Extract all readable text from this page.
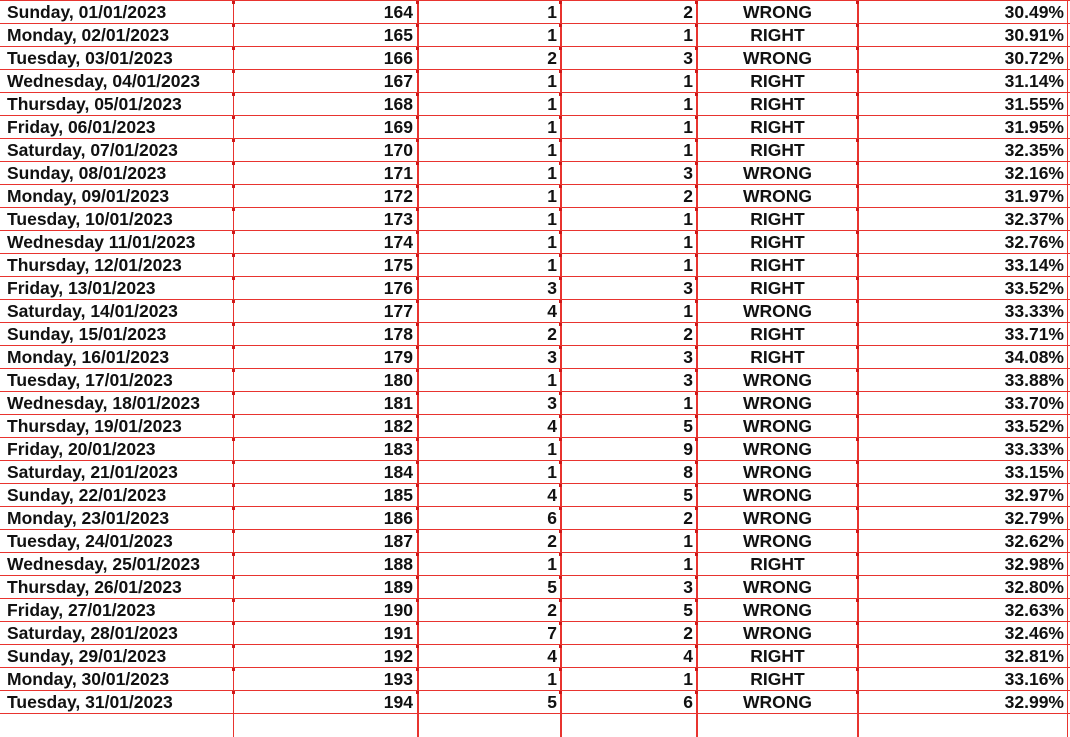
Sunday, 01/01/2023	164	1	2	WRONG	30.49%
Monday, 02/01/2023	165	1	1	RIGHT	30.91%
Tuesday, 03/01/2023	166	2	3	WRONG	30.72%
Wednesday, 04/01/2023	167	1	1	RIGHT	31.14%
Thursday, 05/01/2023	168	1	1	RIGHT	31.55%
Friday, 06/01/2023	169	1	1	RIGHT	31.95%
Saturday, 07/01/2023	170	1	1	RIGHT	32.35%
Sunday, 08/01/2023	171	1	3	WRONG	32.16%
Monday, 09/01/2023	172	1	2	WRONG	31.97%
Tuesday, 10/01/2023	173	1	1	RIGHT	32.37%
Wednesday 11/01/2023	174	1	1	RIGHT	32.76%
Thursday, 12/01/2023	175	1	1	RIGHT	33.14%
Friday, 13/01/2023	176	3	3	RIGHT	33.52%
Saturday, 14/01/2023	177	4	1	WRONG	33.33%
Sunday, 15/01/2023	178	2	2	RIGHT	33.71%
Monday, 16/01/2023	179	3	3	RIGHT	34.08%
Tuesday, 17/01/2023	180	1	3	WRONG	33.88%
Wednesday, 18/01/2023	181	3	1	WRONG	33.70%
Thursday, 19/01/2023	182	4	5	WRONG	33.52%
Friday, 20/01/2023	183	1	9	WRONG	33.33%
Saturday, 21/01/2023	184	1	8	WRONG	33.15%
Sunday, 22/01/2023	185	4	5	WRONG	32.97%
Monday, 23/01/2023	186	6	2	WRONG	32.79%
Tuesday, 24/01/2023	187	2	1	WRONG	32.62%
Wednesday, 25/01/2023	188	1	1	RIGHT	32.98%
Thursday, 26/01/2023	189	5	3	WRONG	32.80%
Friday, 27/01/2023	190	2	5	WRONG	32.63%
Saturday, 28/01/2023	191	7	2	WRONG	32.46%
Sunday, 29/01/2023	192	4	4	RIGHT	32.81%
Monday, 30/01/2023	193	1	1	RIGHT	33.16%
Tuesday, 31/01/2023	194	5	6	WRONG	32.99%
